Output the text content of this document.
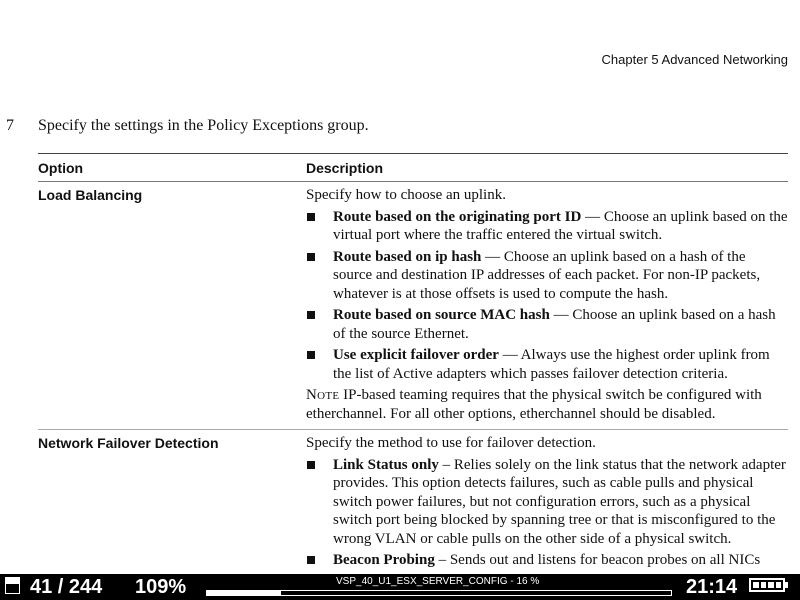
Chapter 5 Advanced Networking
7 Specify the settings in the Policy Exceptions group.
Option	Description
Load Balancing	Specify how to choose an uplink.

Route based on the originating port ID — Choose an uplink based on the virtual port where the traffic entered the virtual switch.
Route based on ip hash — Choose an uplink based on a hash of the source and destination IP addresses of each packet. For non-IP packets, whatever is at those offsets is used to compute the hash.
Route based on source MAC hash — Choose an uplink based on a hash of the source Ethernet.
Use explicit failover order — Always use the highest order uplink from the list of Active adapters which passes failover detection criteria.

Note IP-based teaming requires that the physical switch be configured with etherchannel. For all other options, etherchannel should be disabled.

Network Failover Detection	Specify the method to use for failover detection.

Link Status only – Relies solely on the link status that the network adapter provides. This option detects failures, such as cable pulls and physical switch power failures, but not configuration errors, such as a physical switch port being blocked by spanning tree or that is misconfigured to the wrong VLAN or cable pulls on the other side of a physical switch.
Beacon Probing – Sends out and listens for beacon probes on all NICs
41 / 244 109%	VSP_40_U1_ESX_SERVER_CONFIG - 16 %	21:14
